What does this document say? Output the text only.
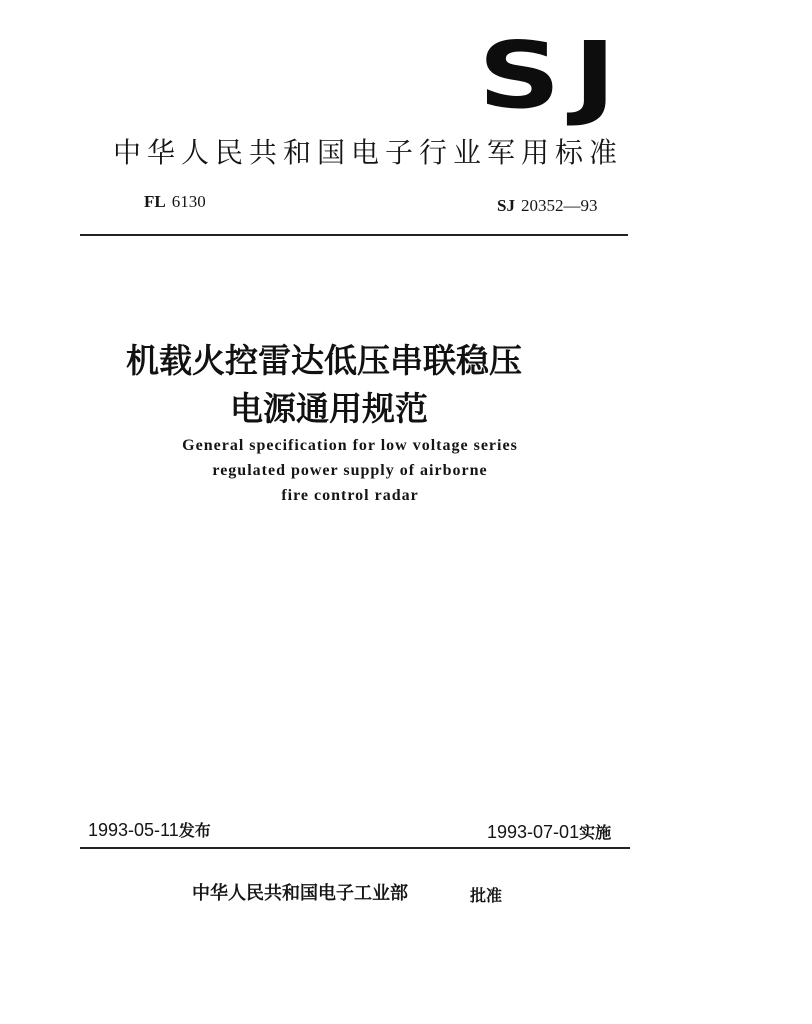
SJ
中华人民共和国电子行业军用标准
FL 6130	SJ 20352—93
机载火控雷达低压串联稳压
电源通用规范
General specification for low voltage series
regulated power supply of airborne
fire control radar
1993-05-11发布	1993-07-01实施
中华人民共和国电子工业部	批准
